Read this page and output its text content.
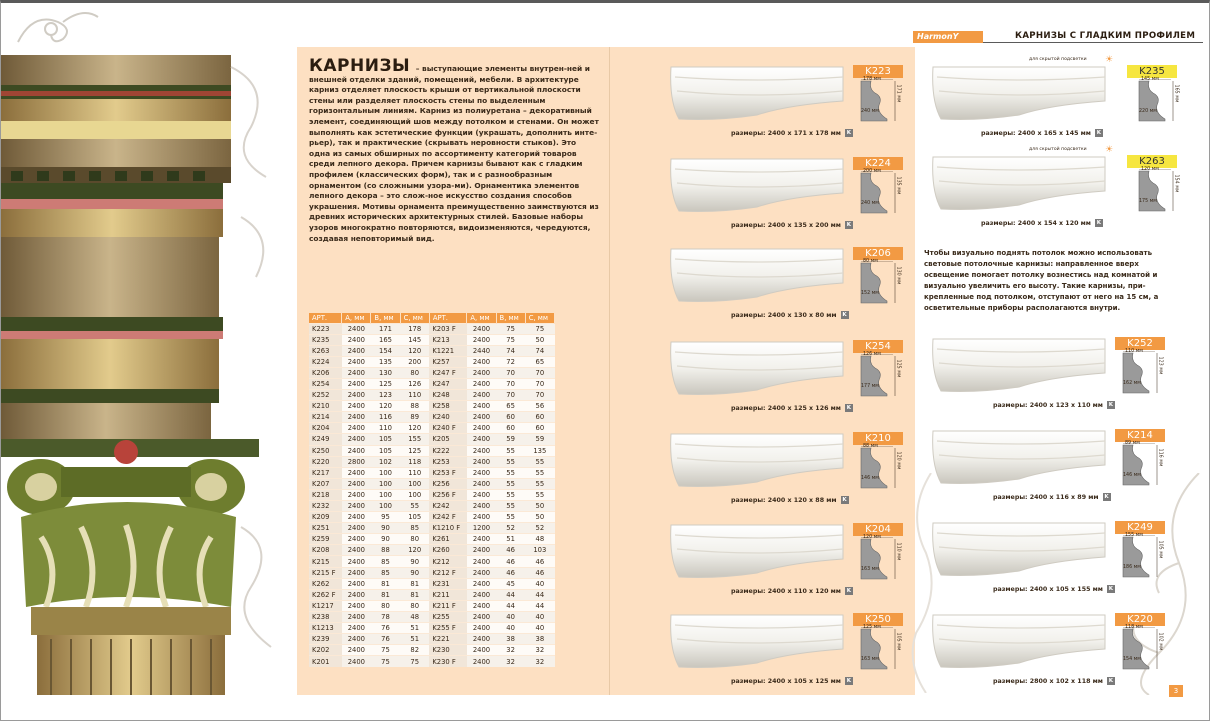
КАРНИЗЫ – выступающие элементы внутрен-ней и внешней отделки зданий, помещений, мебели. В архитектуре карниз отделяет плоскость крыши от вертикальной плоскости стены или разделяет плоскость стены по выделенным горизонтальным линиям. Карниз из полиуретана – декоративный элемент, соединяющий шов между потолком и стенами. Он может выполнять как эстетические функции (украшать, дополнить инте-рьер), так и практические (скрывать неровности стыков). Это одна из самых обширных по ассортименту категорий товаров среди лепного декора. Причем карнизы бывают как с гладким профилем (классических форм), так и с разнообразным орнаментом (со сложными узора-ми). Орнаментика элементов лепного декора – это слож-ное искусство создания способов украшения. Мотивы орнамента преимущественно заимствуются из древних исторических архитектурных стилей. Базовые наборы узоров многократно повторяются, видоизменяются, чередуются, создавая неповторимый вид.

АРТ.	A, мм	B, мм	C, мм	АРТ.	A, мм	B, мм	C, мм
K223	2400	171	178	K203 F	2400	75	75
K235	2400	165	145	K213	2400	75	50
K263	2400	154	120	K1221	2440	74	74
K224	2400	135	200	K257	2400	72	65
K206	2400	130	80	K247 F	2400	70	70
K254	2400	125	126	K247	2400	70	70
K252	2400	123	110	K248	2400	70	70
K210	2400	120	88	K258	2400	65	56
K214	2400	116	89	K240	2400	60	60
K204	2400	110	120	K240 F	2400	60	60
K249	2400	105	155	K205	2400	59	59
K250	2400	105	125	K222	2400	55	135
K220	2800	102	118	K253	2400	55	55
K217	2400	100	110	K253 F	2400	55	55
K207	2400	100	100	K256	2400	55	55
K218	2400	100	100	K256 F	2400	55	55
K232	2400	100	55	K242	2400	55	50
K209	2400	95	105	K242 F	2400	55	50
K251	2400	90	85	K1210 F	1200	52	52
K259	2400	90	80	K261	2400	51	48
K208	2400	88	120	K260	2400	46	103
K215	2400	85	90	K212	2400	46	46
K215 F	2400	85	90	K212 F	2400	46	46
K262	2400	81	81	K231	2400	45	40
K262 F	2400	81	81	K211	2400	44	44
K1217	2400	80	80	K211 F	2400	44	44
K238	2400	78	48	K255	2400	40	40
K1213	2400	76	51	K255 F	2400	40	40
K239	2400	76	51	K221	2400	38	38
K202	2400	75	82	K230	2400	32	32
K201	2400	75	75	K230 F	2400	32	32
HarmonY	КАРНИЗЫ С ГЛАДКИМ ПРОФИЛЕМ

Чтобы визуально поднять потолок можно использовать световые потолочные карнизы: направленное вверх освещение помогает потолку вознестись над комнатой и визуально увеличить его высоту. Такие карнизы, при-крепленные под потолком, отступают от него на 15 см, а осветительные приборы располагаются внутри.

K223
178 мм
240 мм
171 мм
размеры: 2400 x 171 x 178 мм K
K224
200 мм
240 мм
135 мм
размеры: 2400 x 135 x 200 мм K
K206
80 мм
152 мм
130 мм
размеры: 2400 x 130 x 80 мм K
K254
126 мм
177 мм
125 мм
размеры: 2400 x 125 x 126 мм K
K210
88 мм
146 мм
120 мм
размеры: 2400 x 120 x 88 мм K
K204
120 мм
163 мм
110 мм
размеры: 2400 x 110 x 120 мм K
K250
125 мм
163 мм
105 мм
размеры: 2400 x 105 x 125 мм K
K235
145 мм
220 мм
165 мм
для скрытой подсветки ☀
размеры: 2400 x 165 x 145 мм K
K263
120 мм
175 мм
154 мм
для скрытой подсветки ☀
размеры: 2400 x 154 x 120 мм K
K252
110 мм
162 мм
123 мм
размеры: 2400 x 123 x 110 мм K
K214
89 мм
146 мм
116 мм
размеры: 2400 x 116 x 89 мм K
K249
155 мм
186 мм
105 мм
размеры: 2400 x 105 x 155 мм K
K220
118 мм
154 мм
102 мм
размеры: 2800 x 102 x 118 мм K
3
